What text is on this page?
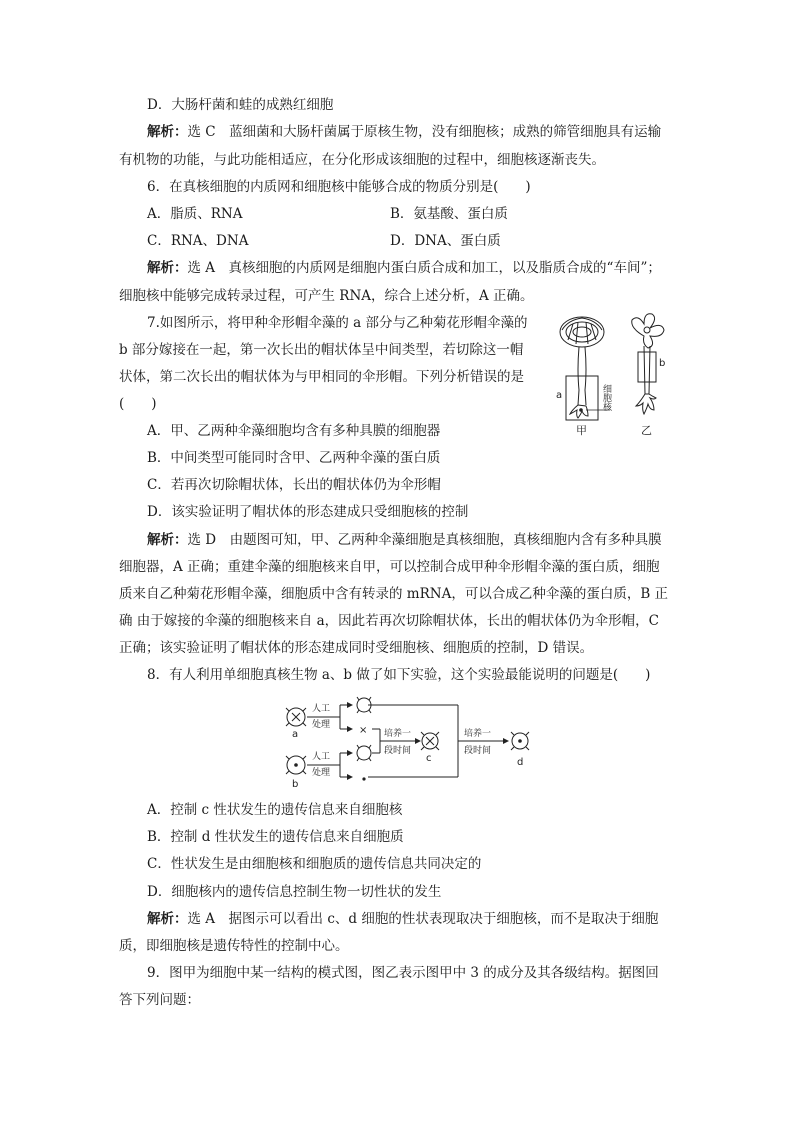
D．大肠杆菌和蛙的成熟红细胞
解析：选 C　蓝细菌和大肠杆菌属于原核生物，没有细胞核；成熟的筛管细胞具有运输
有机物的功能，与此功能相适应，在分化形成该细胞的过程中，细胞核逐渐丧失。
6．在真核细胞的内质网和细胞核中能够合成的物质分别是(　　)
A．脂质、RNA	B．氨基酸、蛋白质
C．RNA、DNA	D．DNA、蛋白质
解析：选 A　真核细胞的内质网是细胞内蛋白质合成和加工，以及脂质合成的“车间”；
细胞核中能够完成转录过程，可产生 RNA，综合上述分析，A 正确。
7.如图所示，将甲种伞形帽伞藻的 a 部分与乙种菊花形帽伞藻的
b 部分嫁接在一起，第一次长出的帽状体呈中间类型，若切除这一帽
状体，第二次长出的帽状体为与甲相同的伞形帽。下列分析错误的是
(　　)
a
甲
细胞核
b
乙
A．甲、乙两种伞藻细胞均含有多种具膜的细胞器
B．中间类型可能同时含甲、乙两种伞藻的蛋白质
C．若再次切除帽状体，长出的帽状体仍为伞形帽
D．该实验证明了帽状体的形态建成只受细胞核的控制
解析：选 D　由题图可知，甲、乙两种伞藻细胞是真核细胞，真核细胞内含有多种具膜
细胞器，A 正确；重建伞藻的细胞核来自甲，可以控制合成甲种伞形帽伞藻的蛋白质，细胞
质来自乙种菊花形帽伞藻，细胞质中含有转录的 mRNA，可以合成乙种伞藻的蛋白质，B 正
确 由于嫁接的伞藻的细胞核来自 a，因此若再次切除帽状体，长出的帽状体仍为伞形帽，C
正确；该实验证明了帽状体的形态建成同时受细胞核、细胞质的控制，D 错误。
8．有人利用单细胞真核生物 a、b 做了如下实验，这个实验最能说明的问题是(　　)
a
人工
处理	×
b
人工
处理
培养一
段时间
c
培养一
段时间
d
A．控制 c 性状发生的遗传信息来自细胞核
B．控制 d 性状发生的遗传信息来自细胞质
C．性状发生是由细胞核和细胞质的遗传信息共同决定的
D．细胞核内的遗传信息控制生物一切性状的发生
解析：选 A　据图示可以看出 c、d 细胞的性状表现取决于细胞核，而不是取决于细胞
质，即细胞核是遗传特性的控制中心。
9．图甲为细胞中某一结构的模式图，图乙表示图甲中 3 的成分及其各级结构。据图回
答下列问题：
